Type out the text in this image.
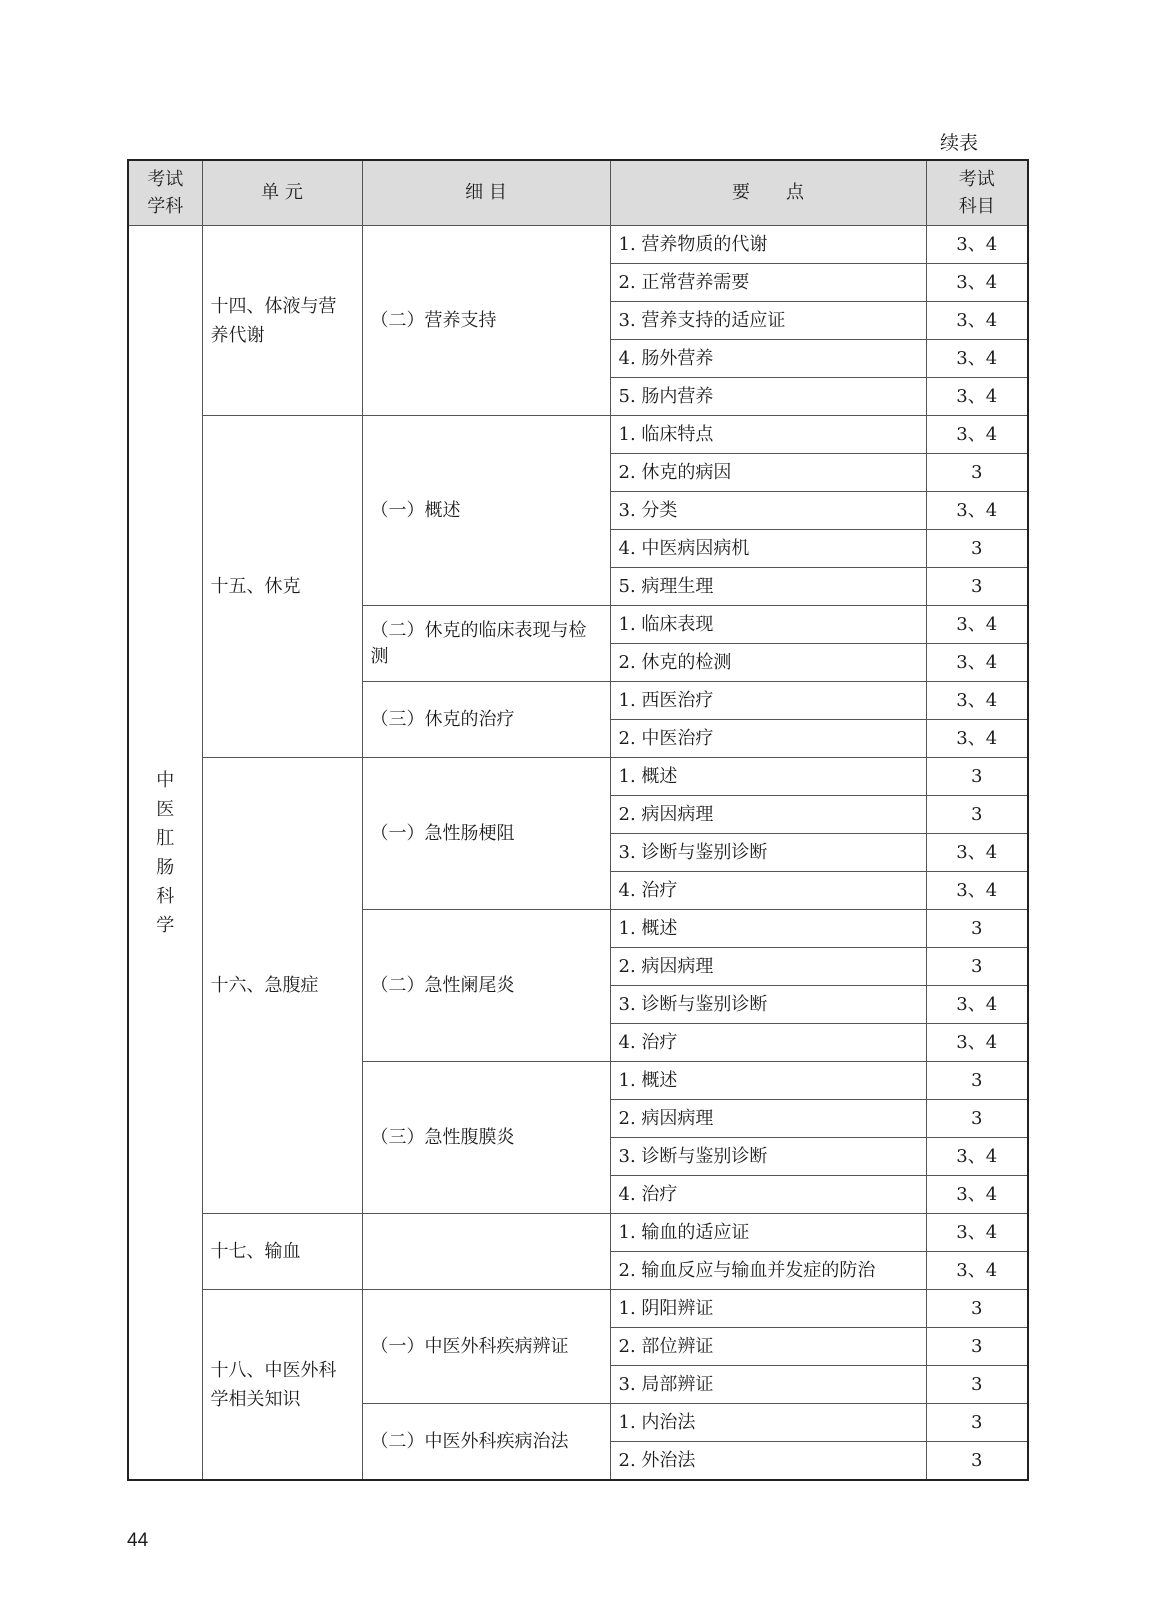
续表
考试学科	单 元	细 目	要　　点	考试科目
中医肛肠科学	十四、体液与营养代谢	（二）营养支持	1. 营养物质的代谢	3、4
			2. 正常营养需要	3、4
			3. 营养支持的适应证	3、4
			4. 肠外营养	3、4
			5. 肠内营养	3、4
	十五、休克	（一）概述	1. 临床特点	3、4
			2. 休克的病因	3
			3. 分类	3、4
			4. 中医病因病机	3
			5. 病理生理	3
		（二）休克的临床表现与检测	1. 临床表现	3、4
			2. 休克的检测	3、4
		（三）休克的治疗	1. 西医治疗	3、4
			2. 中医治疗	3、4
	十六、急腹症	（一）急性肠梗阻	1. 概述	3
			2. 病因病理	3
			3. 诊断与鉴别诊断	3、4
			4. 治疗	3、4
		（二）急性阑尾炎	1. 概述	3
			2. 病因病理	3
			3. 诊断与鉴别诊断	3、4
			4. 治疗	3、4
		（三）急性腹膜炎	1. 概述	3
			2. 病因病理	3
			3. 诊断与鉴别诊断	3、4
			4. 治疗	3、4
	十七、输血		1. 输血的适应证	3、4
			2. 输血反应与输血并发症的防治	3、4
	十八、中医外科学相关知识	（一）中医外科疾病辨证	1. 阴阳辨证	3
			2. 部位辨证	3
			3. 局部辨证	3
		（二）中医外科疾病治法	1. 内治法	3
			2. 外治法	3
44
